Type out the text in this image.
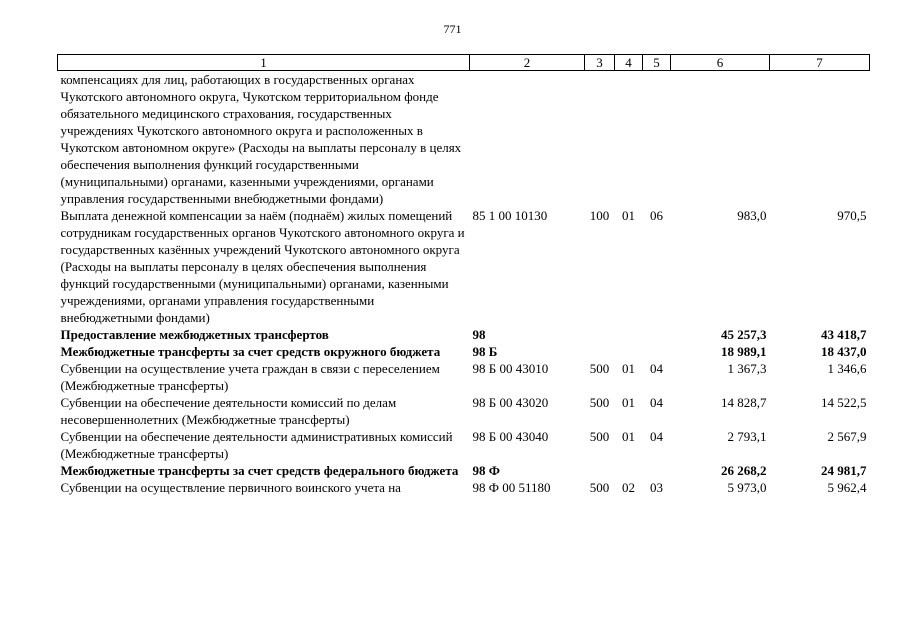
771
1	2	3	4	5	6	7
компенсациях для лиц, работающих в государственных органах Чукотского автономного округа, Чукотском территориальном фонде обязательного медицинского страхования, государственных учреждениях Чукотского автономного округа и расположенных в Чукотском автономном округе» (Расходы на выплаты персоналу в целях обеспечения выполнения функций государственными (муниципальными) органами, казенными учреждениями, органами управления государственными внебюджетными фондами)						
Выплата денежной компенсации за наём (поднаём) жилых помещений сотрудникам государственных органов Чукотского автономного округа и государственных казённых учреждений Чукотского автономного округа (Расходы на выплаты персоналу в целях обеспечения выполнения функций государственными (муниципальными) органами, казенными учреждениями, органами управления государственными внебюджетными фондами)	85 1 00 10130	100	01	06	983,0	970,5
Предоставление межбюджетных трансфертов	98				45 257,3	43 418,7
Межбюджетные трансферты за счет средств окружного бюджета	98 Б				18 989,1	18 437,0
Субвенции на осуществление учета граждан в связи с переселением (Межбюджетные трансферты)	98 Б 00 43010	500	01	04	1 367,3	1 346,6
Субвенции на обеспечение деятельности комиссий по делам несовершеннолетних (Межбюджетные трансферты)	98 Б 00 43020	500	01	04	14 828,7	14 522,5
Субвенции на обеспечение деятельности административных комиссий (Межбюджетные трансферты)	98 Б 00 43040	500	01	04	2 793,1	2 567,9
Межбюджетные трансферты за счет средств федерального бюджета	98 Ф				26 268,2	24 981,7
Субвенции на осуществление первичного воинского учета на	98 Ф 00 51180	500	02	03	5 973,0	5 962,4
